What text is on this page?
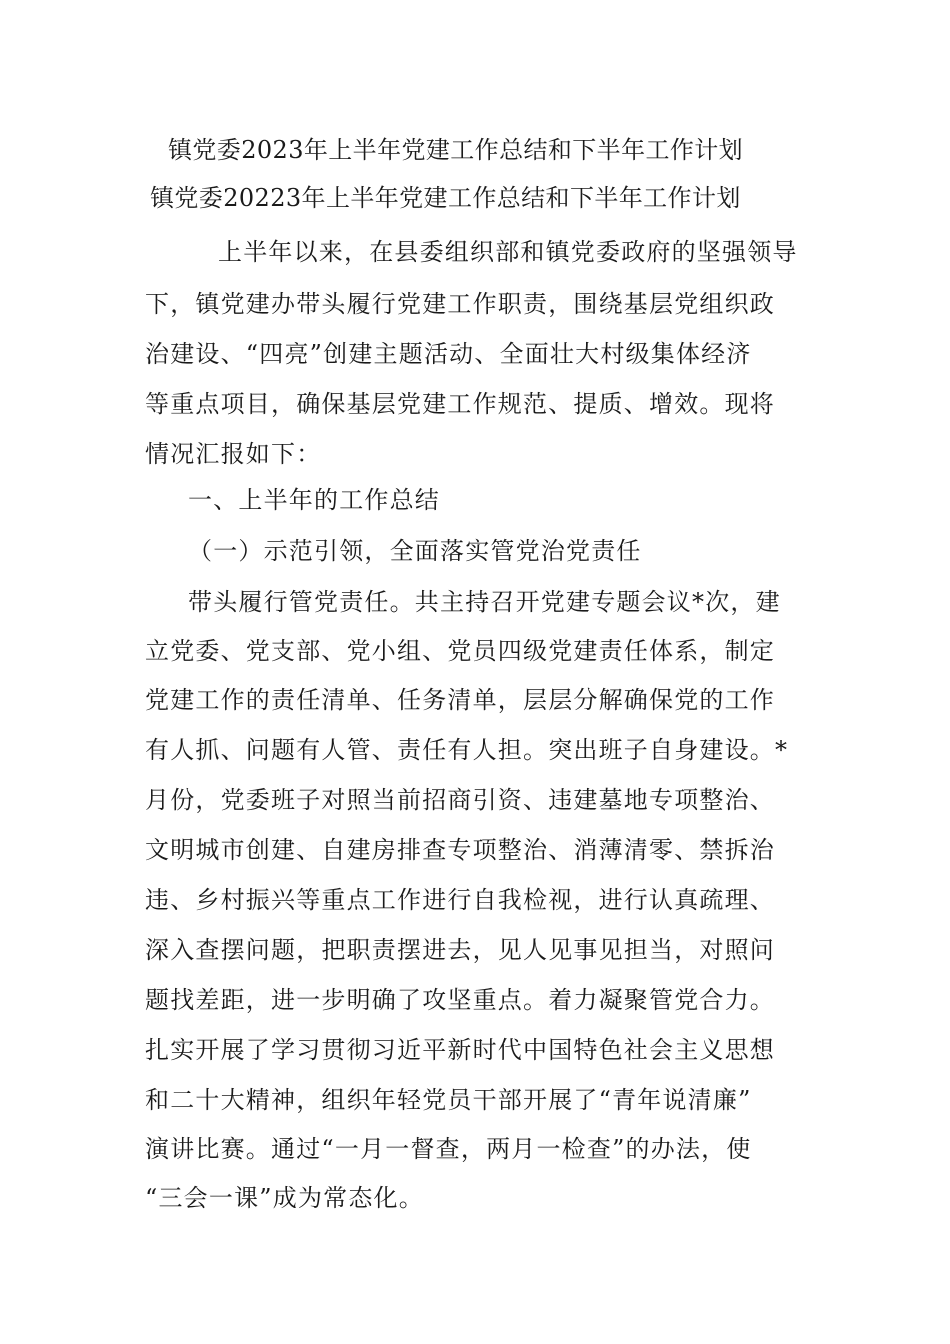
镇党委2023年上半年党建工作总结和下半年工作计划
镇党委20223年上半年党建工作总结和下半年工作计划
上半年以来，在县委组织部和镇党委政府的坚强领导
下，镇党建办带头履行党建工作职责，围绕基层党组织政
治建设、“四亮”创建主题活动、全面壮大村级集体经济
等重点项目，确保基层党建工作规范、提质、增效。现将
情况汇报如下：
一、上半年的工作总结
（一）示范引领，全面落实管党治党责任
带头履行管党责任。共主持召开党建专题会议*次，建
立党委、党支部、党小组、党员四级党建责任体系，制定
党建工作的责任清单、任务清单，层层分解确保党的工作
有人抓、问题有人管、责任有人担。突出班子自身建设。*
月份，党委班子对照当前招商引资、违建墓地专项整治、
文明城市创建、自建房排查专项整治、消薄清零、禁拆治
违、乡村振兴等重点工作进行自我检视，进行认真疏理、
深入查摆问题，把职责摆进去，见人见事见担当，对照问
题找差距，进一步明确了攻坚重点。着力凝聚管党合力。
扎实开展了学习贯彻习近平新时代中国特色社会主义思想
和二十大精神，组织年轻党员干部开展了“青年说清廉”
演讲比赛。通过“一月一督查，两月一检查”的办法，使
“三会一课”成为常态化。
